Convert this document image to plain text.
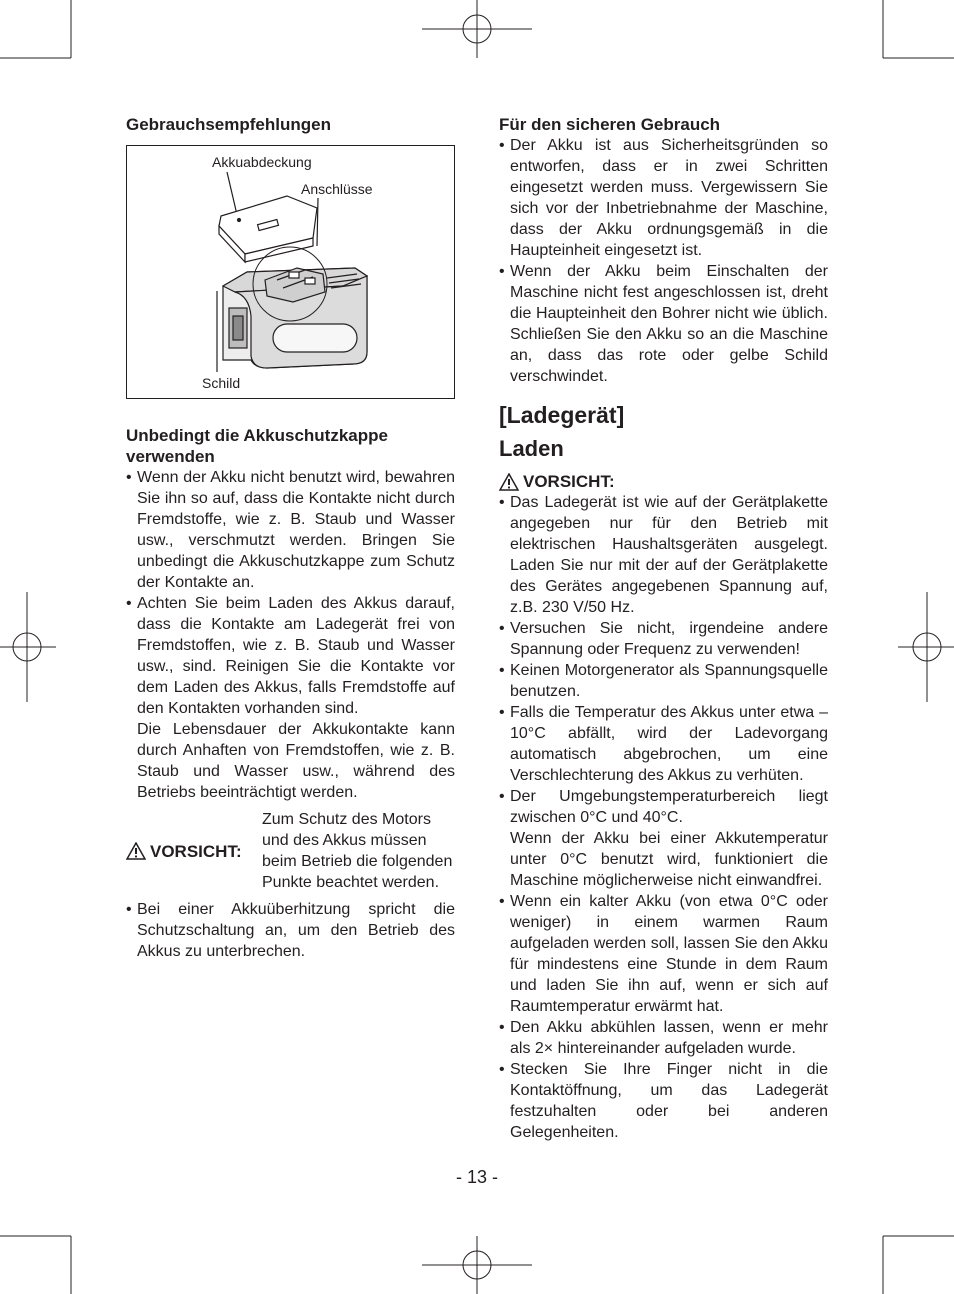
Gebrauchsempfehlungen

Akkuabdeckung
Anschlüsse
Schild

Unbedingt die Akkuschutzkappe verwenden

• Wenn der Akku nicht benutzt wird, bewahren Sie ihn so auf, dass die Kontakte nicht durch Fremdstoffe, wie z. B. Staub und Wasser usw., verschmutzt werden. Bringen Sie unbedingt die Akkuschutzkappe zum Schutz der Kontakte an.
• Achten Sie beim Laden des Akkus darauf, dass die Kontakte am Ladegerät frei von Fremdstoffen, wie z. B. Staub und Wasser usw., sind. Reinigen Sie die Kontakte vor dem Laden des Akkus, falls Fremdstoffe auf den Kontakten vorhanden sind.
Die Lebensdauer der Akkukontakte kann durch Anhaften von Fremdstoffen, wie z. B. Staub und Wasser usw., während des Betriebs beeinträchtigt werden.
VORSICHT:
Zum Schutz des Motors und des Akkus müssen beim Betrieb die folgenden Punkte beachtet werden.
• Bei einer Akkuüberhitzung spricht die Schutzschaltung an, um den Betrieb des Akkus zu unterbrechen.

Für den sicheren Gebrauch

• Der Akku ist aus Sicherheitsgründen so entworfen, dass er in zwei Schritten eingesetzt werden muss. Vergewissern Sie sich vor der Inbetriebnahme der Maschine, dass der Akku ordnungsgemäß in die Haupteinheit eingesetzt ist.
• Wenn der Akku beim Einschalten der Maschine nicht fest angeschlossen ist, dreht die Haupteinheit den Bohrer nicht wie üblich. Schließen Sie den Akku so an die Maschine an, dass das rote oder gelbe Schild verschwindet.

[Ladegerät]

Laden

VORSICHT:
• Das Ladegerät ist wie auf der Gerätplakette angegeben nur für den Betrieb mit elektrischen Haushaltsgeräten ausgelegt. Laden Sie nur mit der auf der Gerätplakette des Gerätes angegebenen Spannung auf, z.B. 230 V/50 Hz.
• Versuchen Sie nicht, irgendeine andere Spannung oder Frequenz zu verwenden!
• Keinen Motorgenerator als Spannungsquelle benutzen.
• Falls die Temperatur des Akkus unter etwa –10°C abfällt, wird der Ladevorgang automatisch abgebrochen, um eine Verschlechterung des Akkus zu verhüten.
• Der Umgebungstemperaturbereich liegt zwischen 0°C und 40°C.
Wenn der Akku bei einer Akkutemperatur unter 0°C benutzt wird, funktioniert die Maschine möglicherweise nicht einwandfrei.
• Wenn ein kalter Akku (von etwa 0°C oder weniger) in einem warmen Raum aufgeladen werden soll, lassen Sie den Akku für mindestens eine Stunde in dem Raum und laden Sie ihn auf, wenn er sich auf Raumtemperatur erwärmt hat.
• Den Akku abkühlen lassen, wenn er mehr als 2× hintereinander aufgeladen wurde.
• Stecken Sie Ihre Finger nicht in die Kontaktöffnung, um das Ladegerät festzuhalten oder bei anderen Gelegenheiten.
- 13 -
